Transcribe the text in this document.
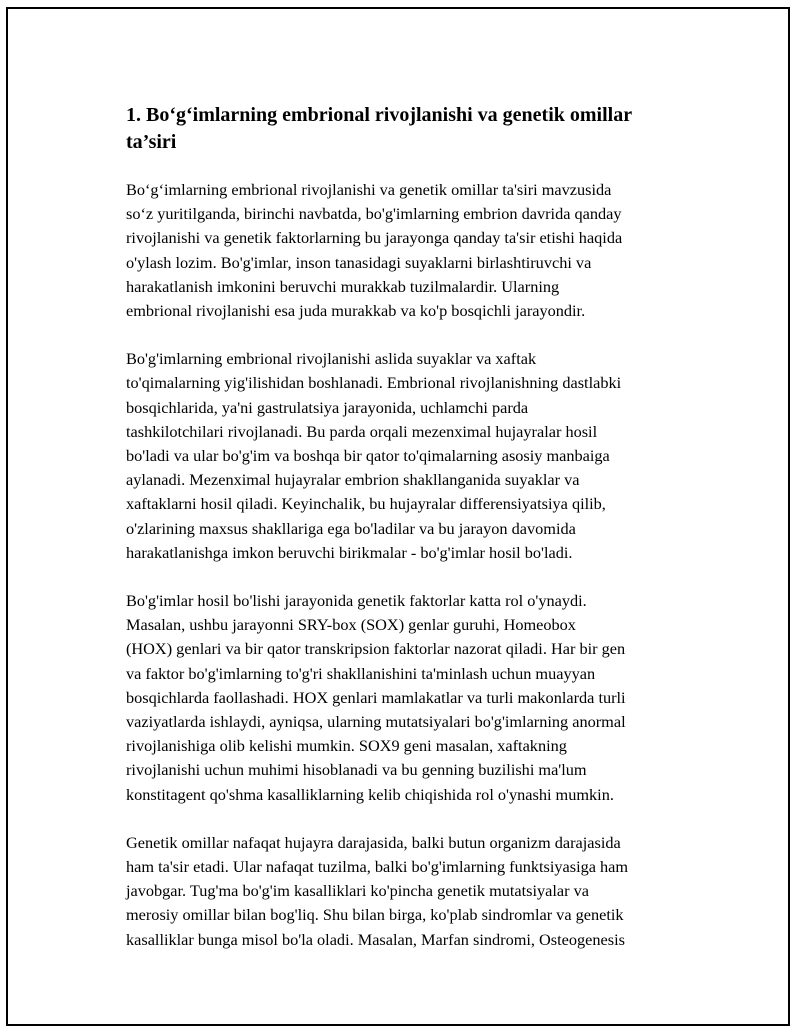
1. Bo‘g‘imlarning embrional rivojlanishi va genetik omillar
ta’siri
Bo‘g‘imlarning embrional rivojlanishi va genetik omillar ta'siri mavzusida
so‘z yuritilganda, birinchi navbatda, bo'g'imlarning embrion davrida qanday
rivojlanishi va genetik faktorlarning bu jarayonga qanday ta'sir etishi haqida
o'ylash lozim. Bo'g'imlar, inson tanasidagi suyaklarni birlashtiruvchi va
harakatlanish imkonini beruvchi murakkab tuzilmalardir. Ularning
embrional rivojlanishi esa juda murakkab va ko'p bosqichli jarayondir.
Bo'g'imlarning embrional rivojlanishi aslida suyaklar va xaftak
to'qimalarning yig'ilishidan boshlanadi. Embrional rivojlanishning dastlabki
bosqichlarida, ya'ni gastrulatsiya jarayonida, uchlamchi parda
tashkilotchilari rivojlanadi. Bu parda orqali mezenximal hujayralar hosil
bo'ladi va ular bo'g'im va boshqa bir qator to'qimalarning asosiy manbaiga
aylanadi. Mezenximal hujayralar embrion shakllanganida suyaklar va
xaftaklarni hosil qiladi. Keyinchalik, bu hujayralar differensiyatsiya qilib,
o'zlarining maxsus shakllariga ega bo'ladilar va bu jarayon davomida
harakatlanishga imkon beruvchi birikmalar - bo'g'imlar hosil bo'ladi.
Bo'g'imlar hosil bo'lishi jarayonida genetik faktorlar katta rol o'ynaydi.
Masalan, ushbu jarayonni SRY-box (SOX) genlar guruhi, Homeobox
(HOX) genlari va bir qator transkripsion faktorlar nazorat qiladi. Har bir gen
va faktor bo'g'imlarning to'g'ri shakllanishini ta'minlash uchun muayyan
bosqichlarda faollashadi. HOX genlari mamlakatlar va turli makonlarda turli
vaziyatlarda ishlaydi, ayniqsa, ularning mutatsiyalari bo'g'imlarning anormal
rivojlanishiga olib kelishi mumkin. SOX9 geni masalan, xaftakning
rivojlanishi uchun muhimi hisoblanadi va bu genning buzilishi ma'lum
konstitagent qo'shma kasalliklarning kelib chiqishida rol o'ynashi mumkin.
Genetik omillar nafaqat hujayra darajasida, balki butun organizm darajasida
ham ta'sir etadi. Ular nafaqat tuzilma, balki bo'g'imlarning funktsiyasiga ham
javobgar. Tug'ma bo'g'im kasalliklari ko'pincha genetik mutatsiyalar va
merosiy omillar bilan bog'liq. Shu bilan birga, ko'plab sindromlar va genetik
kasalliklar bunga misol bo'la oladi. Masalan, Marfan sindromi, Osteogenesis
